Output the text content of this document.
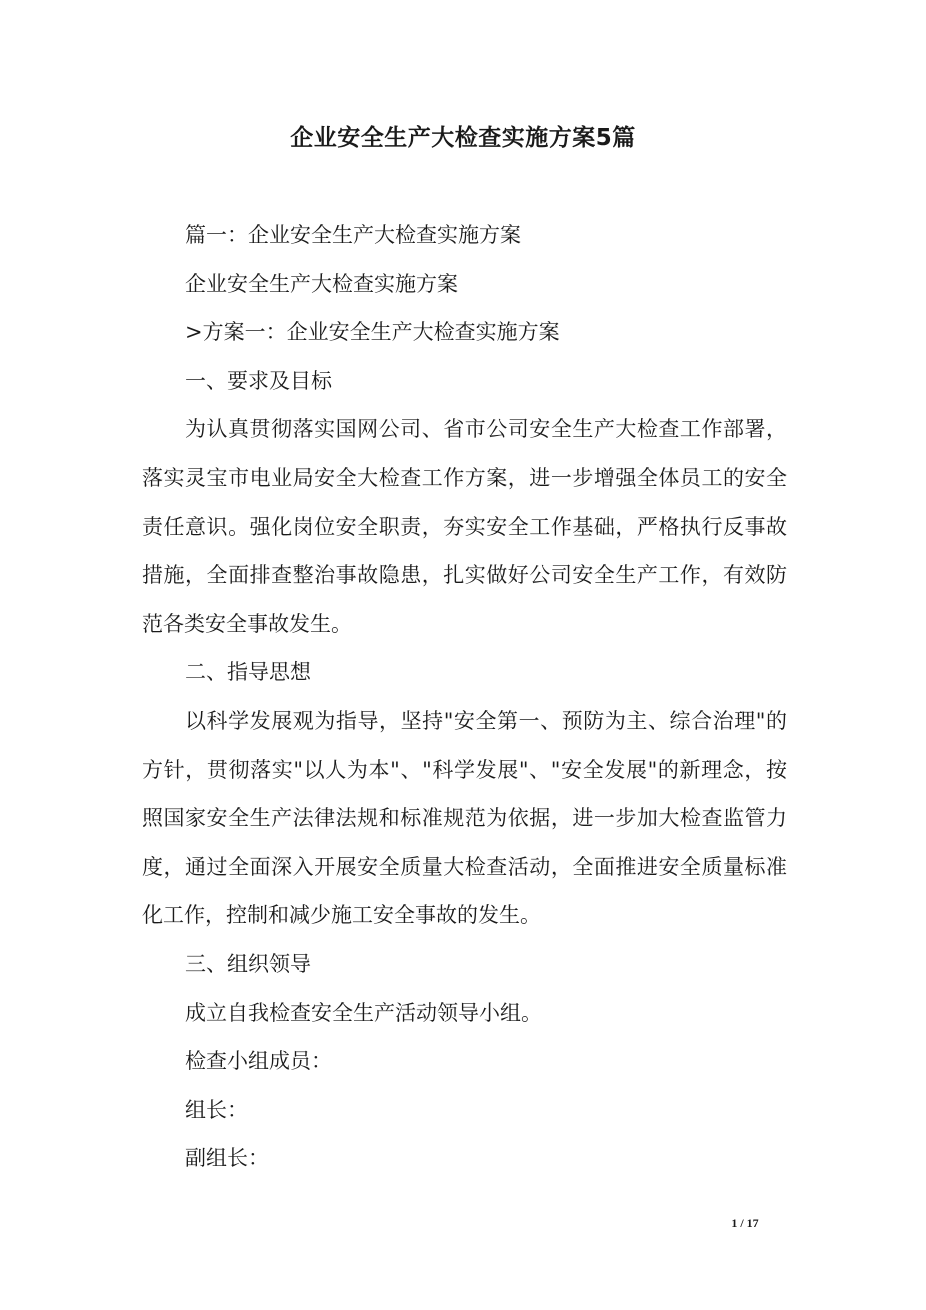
企业安全生产大检查实施方案5篇

篇一：企业安全生产大检查实施方案

企业安全生产大检查实施方案

>方案一：企业安全生产大检查实施方案

一、要求及目标

为认真贯彻落实国网公司、省市公司安全生产大检查工作部署，落实灵宝市电业局安全大检查工作方案，进一步增强全体员工的安全责任意识。强化岗位安全职责，夯实安全工作基础，严格执行反事故措施，全面排查整治事故隐患，扎实做好公司安全生产工作，有效防范各类安全事故发生。

二、指导思想

以科学发展观为指导，坚持"安全第一、预防为主、综合治理"的方针，贯彻落实"以人为本"、"科学发展"、"安全发展"的新理念，按照国家安全生产法律法规和标准规范为依据，进一步加大检查监管力度，通过全面深入开展安全质量大检查活动，全面推进安全质量标准化工作，控制和减少施工安全事故的发生。

三、组织领导

成立自我检查安全生产活动领导小组。

检查小组成员：

组长：

副组长：

1 / 17
